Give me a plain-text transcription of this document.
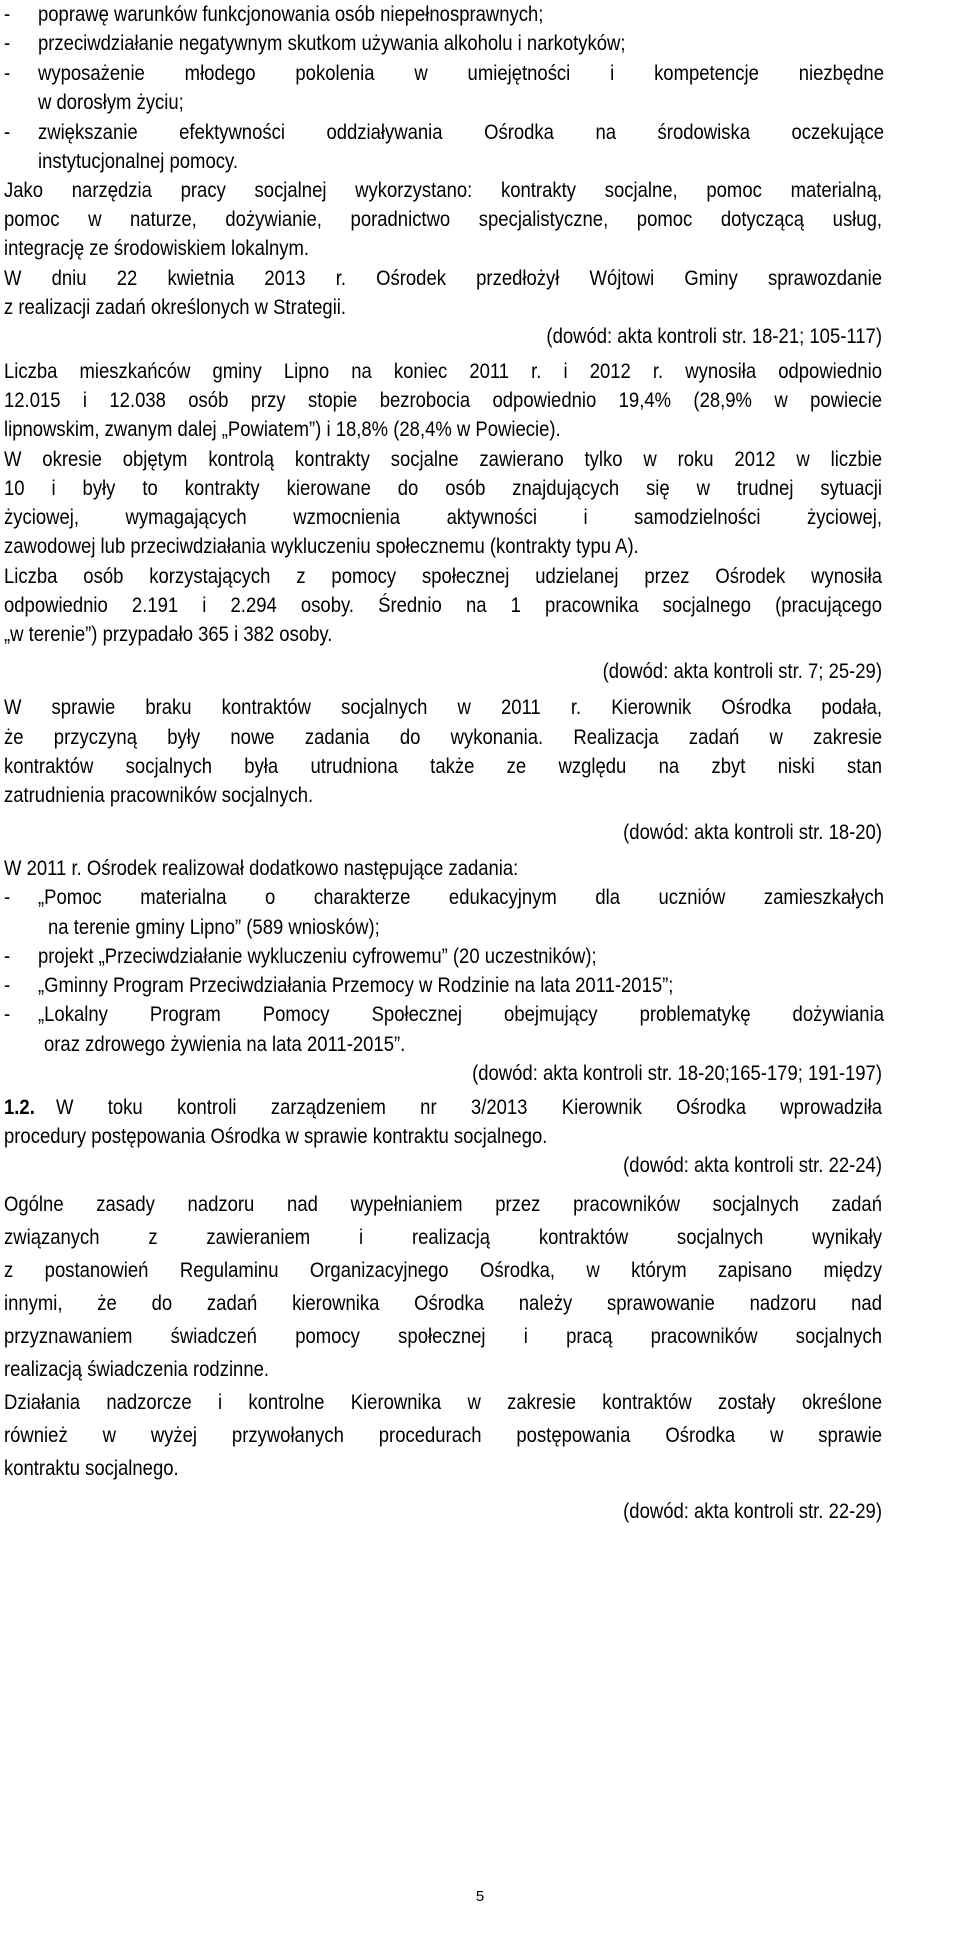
-	poprawę warunków funkcjonowania osób niepełnosprawnych;
-	przeciwdziałanie negatywnym skutkom używania alkoholu i narkotyków;
-	wyposażenie młodego pokolenia w umiejętności i kompetencje niezbędne
w dorosłym życiu;
-	zwiększanie efektywności oddziaływania Ośrodka na środowiska oczekujące
instytucjonalnej pomocy.
Jako narzędzia pracy socjalnej wykorzystano: kontrakty socjalne, pomoc materialną,
pomoc w naturze, dożywianie, poradnictwo specjalistyczne, pomoc dotyczącą usług,
integrację ze środowiskiem lokalnym.
W dniu 22 kwietnia 2013 r. Ośrodek przedłożył Wójtowi Gminy sprawozdanie
z realizacji zadań określonych w Strategii.
(dowód: akta kontroli str. 18-21; 105-117)
Liczba mieszkańców gminy Lipno na koniec 2011 r. i 2012 r. wynosiła odpowiednio
12.015 i 12.038 osób przy stopie bezrobocia odpowiednio 19,4% (28,9% w powiecie
lipnowskim, zwanym dalej „Powiatem”) i 18,8% (28,4% w Powiecie).
W okresie objętym kontrolą kontrakty socjalne zawierano tylko w roku 2012 w liczbie
10 i były to kontrakty kierowane do osób znajdujących się w trudnej sytuacji
życiowej, wymagających wzmocnienia aktywności i samodzielności życiowej,
zawodowej lub przeciwdziałania wykluczeniu społecznemu (kontrakty typu A).
Liczba osób korzystających z pomocy społecznej udzielanej przez Ośrodek wynosiła
odpowiednio 2.191 i 2.294 osoby. Średnio na 1 pracownika socjalnego (pracującego
„w terenie”) przypadało 365 i 382 osoby.
(dowód: akta kontroli str. 7; 25-29)
W sprawie braku kontraktów socjalnych w 2011 r. Kierownik Ośrodka podała,
że przyczyną były nowe zadania do wykonania. Realizacja zadań w zakresie
kontraktów socjalnych była utrudniona także ze względu na zbyt niski stan
zatrudnienia pracowników socjalnych.
(dowód: akta kontroli str. 18-20)
W 2011 r. Ośrodek realizował dodatkowo następujące zadania:
-	„Pomoc materialna o charakterze edukacyjnym dla uczniów zamieszkałych
na terenie gminy Lipno” (589 wniosków);
-	projekt „Przeciwdziałanie wykluczeniu cyfrowemu” (20 uczestników);
-	„Gminny Program Przeciwdziałania Przemocy w Rodzinie na lata 2011-2015”;
-	„Lokalny Program Pomocy Społecznej obejmujący problematykę dożywiania
oraz zdrowego żywienia na lata 2011-2015”.
(dowód: akta kontroli str. 18-20;165-179; 191-197)
1.2. W toku kontroli zarządzeniem nr 3/2013 Kierownik Ośrodka wprowadziła
procedury postępowania Ośrodka w sprawie kontraktu socjalnego.
(dowód: akta kontroli str. 22-24)
Ogólne zasady nadzoru nad wypełnianiem przez pracowników socjalnych zadań
związanych z zawieraniem i realizacją kontraktów socjalnych wynikały
z postanowień Regulaminu Organizacyjnego Ośrodka, w którym zapisano między
innymi, że do zadań kierownika Ośrodka należy sprawowanie nadzoru nad
przyznawaniem świadczeń pomocy społecznej i pracą pracowników socjalnych
realizacją świadczenia rodzinne.
Działania nadzorcze i kontrolne Kierownika w zakresie kontraktów zostały określone
również w wyżej przywołanych procedurach postępowania Ośrodka w sprawie
kontraktu socjalnego.
(dowód: akta kontroli str. 22-29)
5
